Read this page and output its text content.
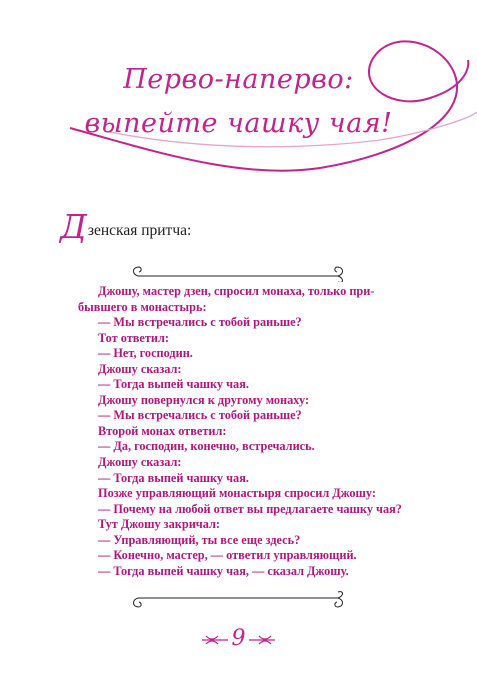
Перво-наперво:
выпейте чашку чая!
Д зенская притча:
Джошу, мастер дзен, спросил монаха, только при-
бывшего в монастырь:
— Мы встречались с тобой раньше?
Тот ответил:
— Нет, господин.
Джошу сказал:
— Тогда выпей чашку чая.
Джошу повернулся к другому монаху:
— Мы встречались с тобой раньше?
Второй монах ответил:
— Да, господин, конечно, встречались.
Джошу сказал:
— Тогда выпей чашку чая.
Позже управляющий монастыря спросил Джошу:
— Почему на любой ответ вы предлагаете чашку чая?
Тут Джошу закричал:
— Управляющий, ты все еще здесь?
— Конечно, мастер, — ответил управляющий.
— Тогда выпей чашку чая, — сказал Джошу.
9
